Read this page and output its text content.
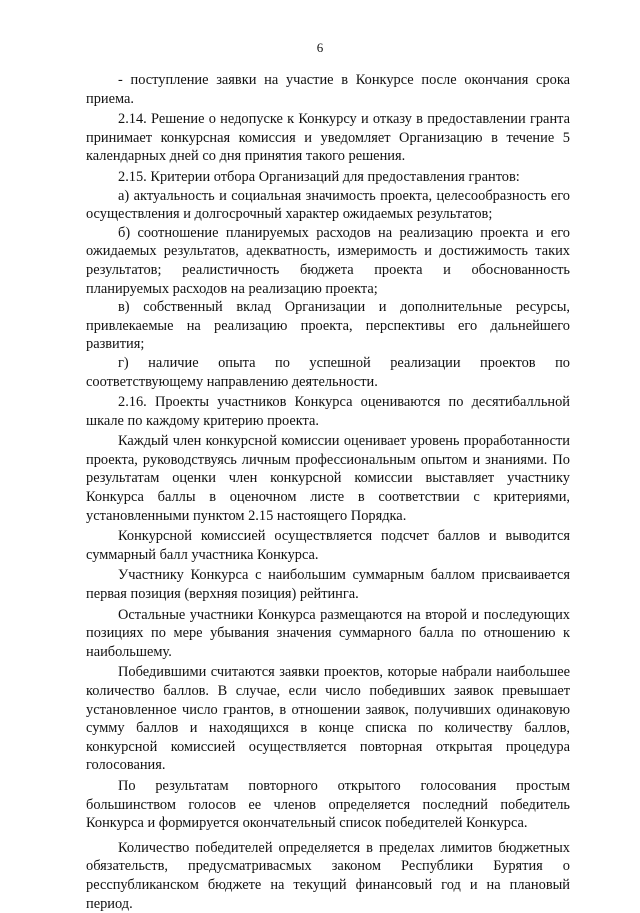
6

- поступление заявки на участие в Конкурсе после окончания срока приема.

2.14. Решение о недопуске к Конкурсу и отказу в предоставлении гранта принимает конкурсная комиссия и уведомляет Организацию в течение 5 календарных дней со дня принятия такого решения.

2.15. Критерии отбора Организаций для предоставления грантов:

а) актуальность и социальная значимость проекта, целесообразность его осуществления и долгосрочный характер ожидаемых результатов;

б) соотношение планируемых расходов на реализацию проекта и его ожидаемых результатов, адекватность, измеримость и достижимость таких результатов; реалистичность бюджета проекта и обоснованность планируемых расходов на реализацию проекта;

в) собственный вклад Организации и дополнительные ресурсы, привлекаемые на реализацию проекта, перспективы его дальнейшего развития;

г) наличие опыта по успешной реализации проектов по соответствующему направлению деятельности.

2.16. Проекты участников Конкурса оцениваются по десятибалльной шкале по каждому критерию проекта.

Каждый член конкурсной комиссии оценивает уровень проработанности проекта, руководствуясь личным профессиональным опытом и знаниями. По результатам оценки член конкурсной комиссии выставляет участнику Конкурса баллы в оценочном листе в соответствии с критериями, установленными пунктом 2.15 настоящего Порядка.

Конкурсной комиссией осуществляется подсчет баллов и выводится суммарный балл участника Конкурса.

Участнику Конкурса с наибольшим суммарным баллом присваивается первая позиция (верхняя позиция) рейтинга.

Остальные участники Конкурса размещаются на второй и последующих позициях по мере убывания значения суммарного балла по отношению к наибольшему.

Победившими считаются заявки проектов, которые набрали наибольшее количество баллов. В случае, если число победивших заявок превышает установленное число грантов, в отношении заявок, получивших одинаковую сумму баллов и находящихся в конце списка по количеству баллов, конкурсной комиссией осуществляется повторная открытая процедура голосования.

По результатам повторного открытого голосования простым большинством голосов ее членов определяется последний победитель Конкурса и формируется окончательный список победителей Конкурса.

Количество победителей определяется в пределах лимитов бюджетных обязательств, предусматривасмых законом Республики Бурятия о ресспубликанском бюджете на текущий финансовый год и на плановый период.
